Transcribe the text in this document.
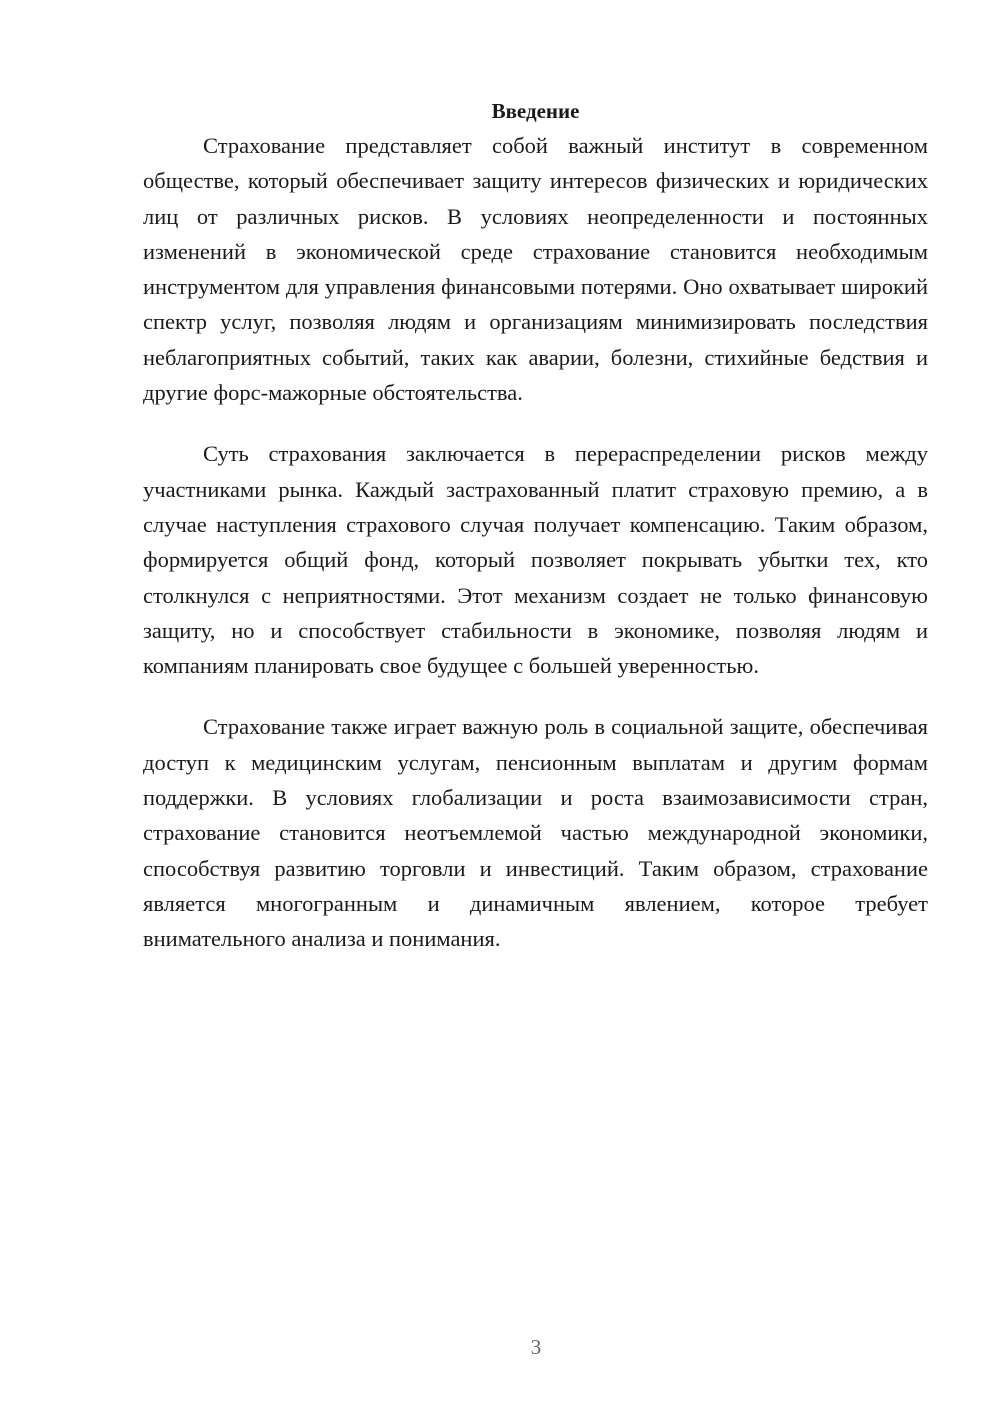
Введение

Страхование представляет собой важный институт в современном обществе, который обеспечивает защиту интересов физических и юридических лиц от различных рисков. В условиях неопределенности и постоянных изменений в экономической среде страхование становится необходимым инструментом для управления финансовыми потерями. Оно охватывает широкий спектр услуг, позволяя людям и организациям минимизировать последствия неблагоприятных событий, таких как аварии, болезни, стихийные бедствия и другие форс-мажорные обстоятельства.

Суть страхования заключается в перераспределении рисков между участниками рынка. Каждый застрахованный платит страховую премию, а в случае наступления страхового случая получает компенсацию. Таким образом, формируется общий фонд, который позволяет покрывать убытки тех, кто столкнулся с неприятностями. Этот механизм создает не только финансовую защиту, но и способствует стабильности в экономике, позволяя людям и компаниям планировать свое будущее с большей уверенностью.

Страхование также играет важную роль в социальной защите, обеспечивая доступ к медицинским услугам, пенсионным выплатам и другим формам поддержки. В условиях глобализации и роста взаимозависимости стран, страхование становится неотъемлемой частью международной экономики, способствуя развитию торговли и инвестиций. Таким образом, страхование является многогранным и динамичным явлением, которое требует внимательного анализа и понимания.

3
